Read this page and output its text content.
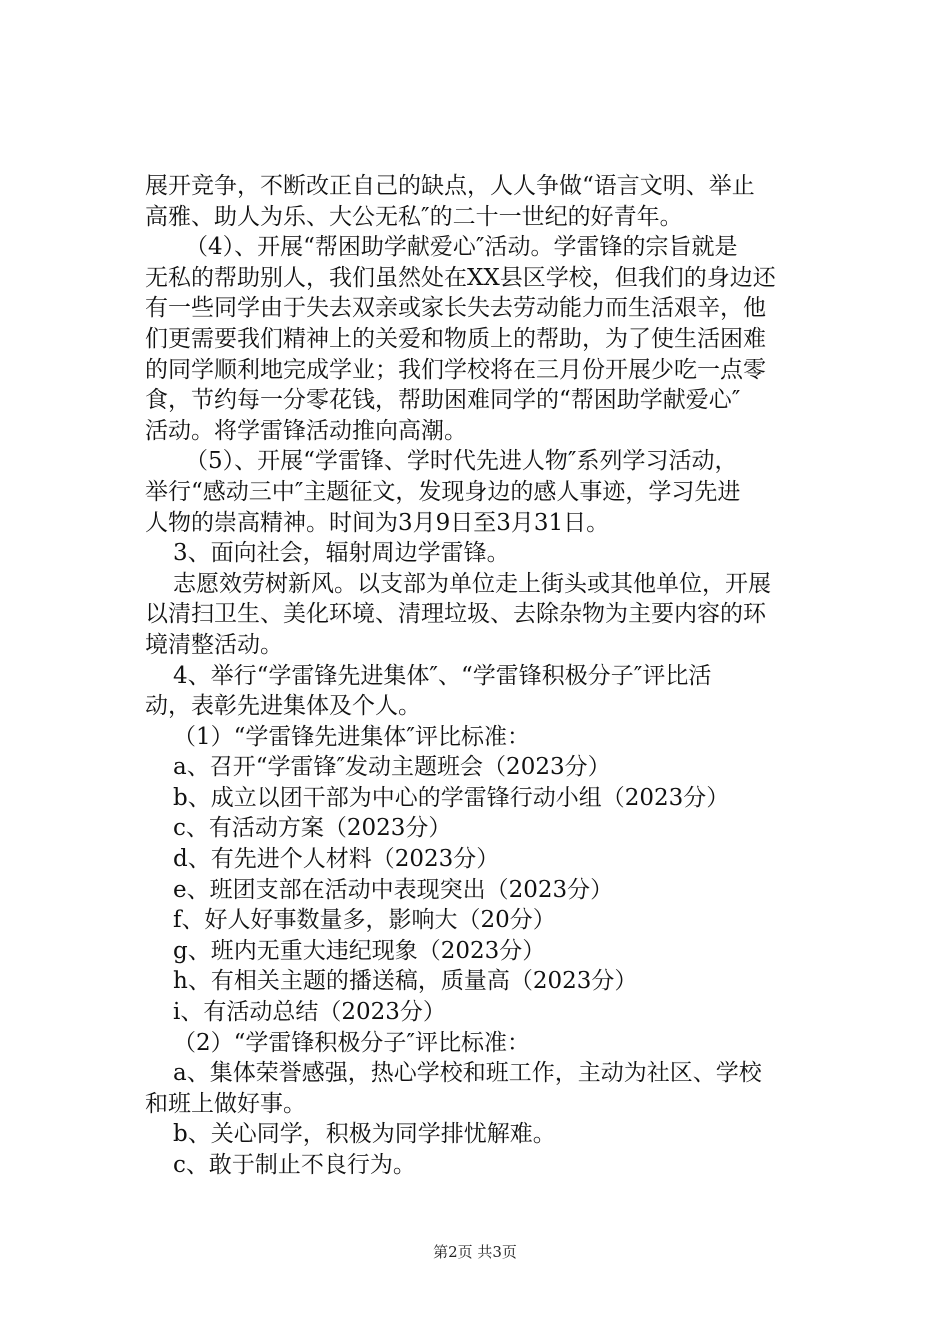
展开竞争，不断改正自己的缺点，人人争做“语言文明、举止
高雅、助人为乐、大公无私″的二十一世纪的好青年。
（4）、开展“帮困助学献爱心″活动。学雷锋的宗旨就是
无私的帮助别人，我们虽然处在XX县区学校，但我们的身边还
有一些同学由于失去双亲或家长失去劳动能力而生活艰辛，他
们更需要我们精神上的关爱和物质上的帮助，为了使生活困难
的同学顺利地完成学业；我们学校将在三月份开展少吃一点零
食，节约每一分零花钱，帮助困难同学的“帮困助学献爱心″
活动。将学雷锋活动推向高潮。
（5）、开展“学雷锋、学时代先进人物″系列学习活动，
举行“感动三中″主题征文，发现身边的感人事迹，学习先进
人物的崇高精神。时间为3月9日至3月31日。
3、面向社会，辐射周边学雷锋。
志愿效劳树新风。以支部为单位走上街头或其他单位，开展
以清扫卫生、美化环境、清理垃圾、去除杂物为主要内容的环
境清整活动。
4、举行“学雷锋先进集体″、“学雷锋积极分子″评比活
动，表彰先进集体及个人。
（1）“学雷锋先进集体″评比标准：
a、召开“学雷锋″发动主题班会（2023分）
b、成立以团干部为中心的学雷锋行动小组（2023分）
c、有活动方案（2023分）
d、有先进个人材料（2023分）
e、班团支部在活动中表现突出（2023分）
f、好人好事数量多，影响大（20分）
g、班内无重大违纪现象（2023分）
h、有相关主题的播送稿，质量高（2023分）
i、有活动总结（2023分）
（2）“学雷锋积极分子″评比标准：
a、集体荣誉感强，热心学校和班工作，主动为社区、学校
和班上做好事。
b、关心同学，积极为同学排忧解难。
c、敢于制止不良行为。
第2页 共3页
